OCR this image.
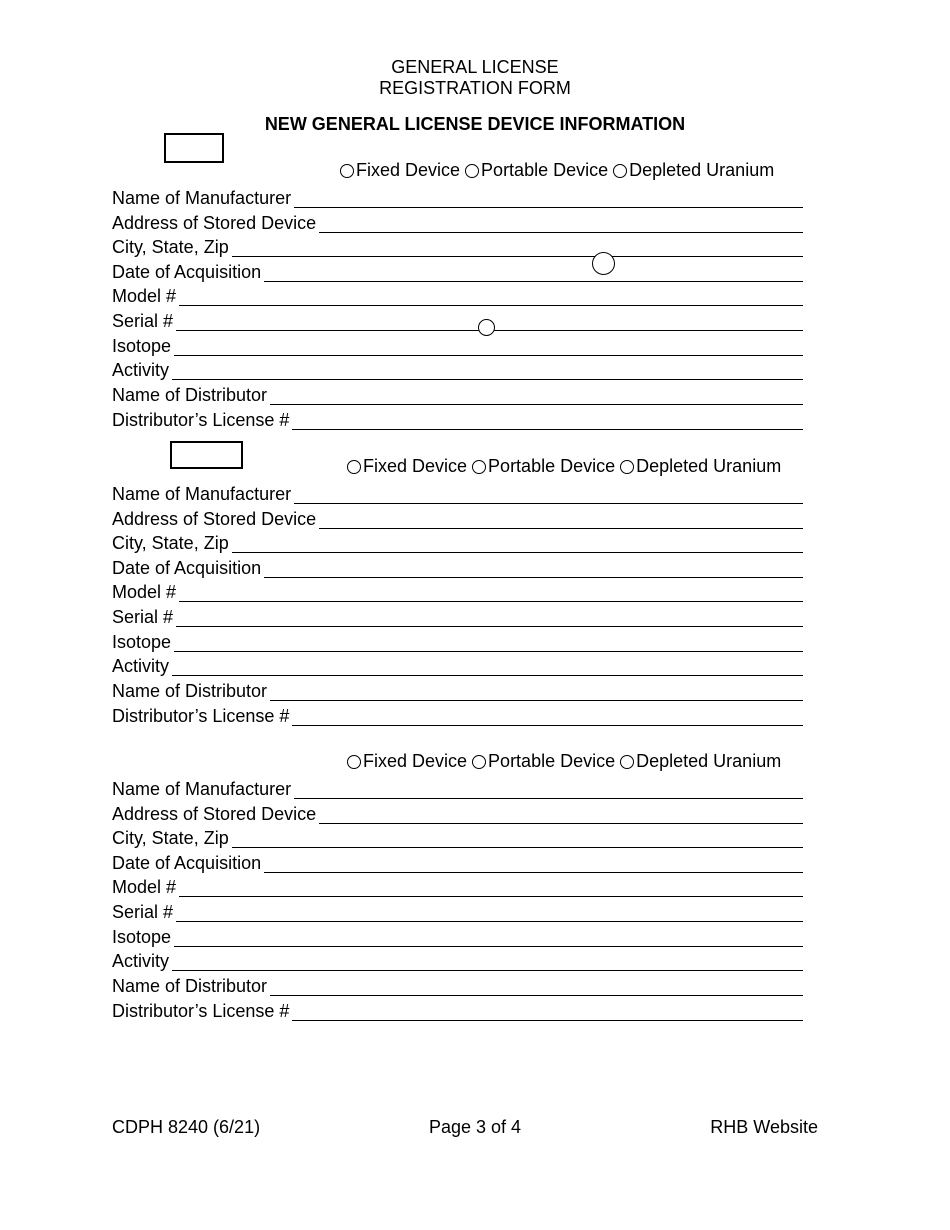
GENERAL LICENSE
REGISTRATION FORM
NEW GENERAL LICENSE DEVICE INFORMATION
Fixed Device Portable Device Depleted Uranium
Name of Manufacturer
Address of Stored Device
City, State, Zip
Date of Acquisition
Model #
Serial #
Isotope
Activity
Name of Distributor
Distributor’s License #
Fixed Device Portable Device Depleted Uranium
Name of Manufacturer
Address of Stored Device
City, State, Zip
Date of Acquisition
Model #
Serial #
Isotope
Activity
Name of Distributor
Distributor’s License #
Fixed Device Portable Device Depleted Uranium
Name of Manufacturer
Address of Stored Device
City, State, Zip
Date of Acquisition
Model #
Serial #
Isotope
Activity
Name of Distributor
Distributor’s License #
CDPH 8240 (6/21)	Page 3 of 4	RHB Website
